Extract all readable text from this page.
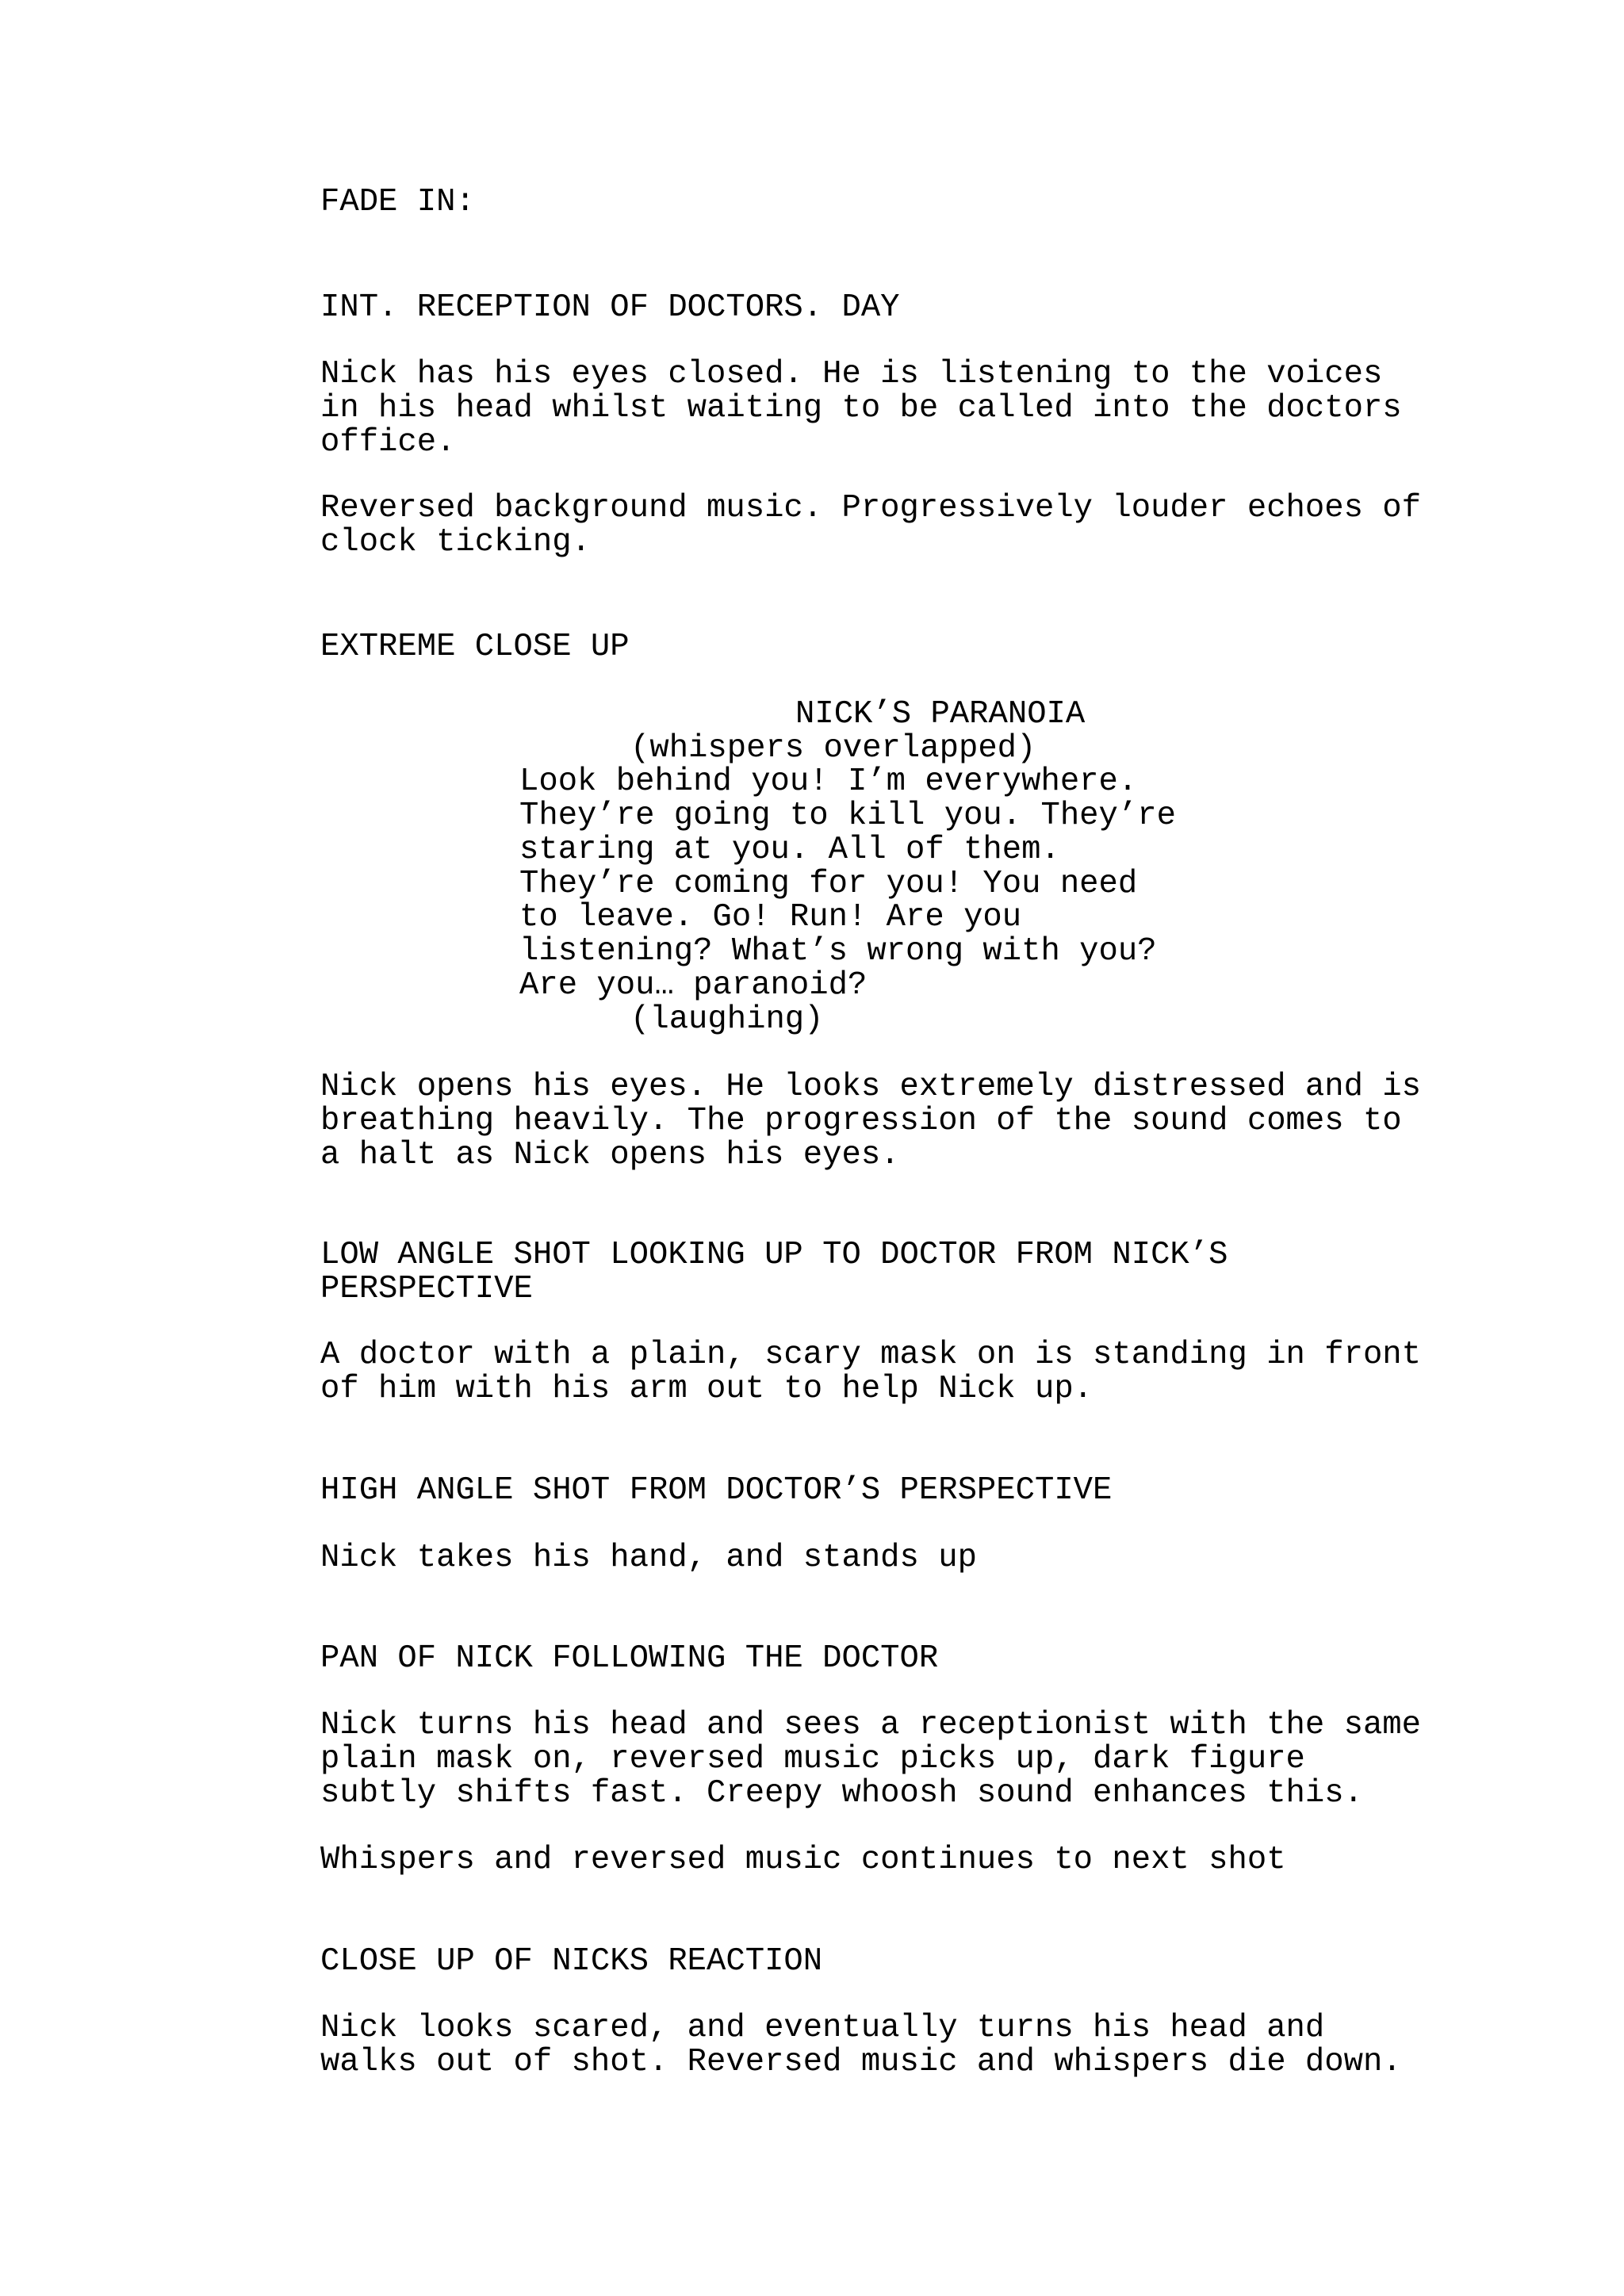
FADE IN:
INT. RECEPTION OF DOCTORS. DAY
Nick has his eyes closed. He is listening to the voices
in his head whilst waiting to be called into the doctors
office.
Reversed background music. Progressively louder echoes of
clock ticking.
EXTREME CLOSE UP
NICK’S PARANOIA
(whispers overlapped)
Look behind you! I’m everywhere.
They’re going to kill you. They’re
staring at you. All of them.
They’re coming for you! You need
to leave. Go! Run! Are you
listening? What’s wrong with you?
Are you… paranoid?
(laughing)
Nick opens his eyes. He looks extremely distressed and is
breathing heavily. The progression of the sound comes to
a halt as Nick opens his eyes.
LOW ANGLE SHOT LOOKING UP TO DOCTOR FROM NICK’S
PERSPECTIVE
A doctor with a plain, scary mask on is standing in front
of him with his arm out to help Nick up.
HIGH ANGLE SHOT FROM DOCTOR’S PERSPECTIVE
Nick takes his hand, and stands up
PAN OF NICK FOLLOWING THE DOCTOR
Nick turns his head and sees a receptionist with the same
plain mask on, reversed music picks up, dark figure
subtly shifts fast. Creepy whoosh sound enhances this.
Whispers and reversed music continues to next shot
CLOSE UP OF NICKS REACTION
Nick looks scared, and eventually turns his head and
walks out of shot. Reversed music and whispers die down.
